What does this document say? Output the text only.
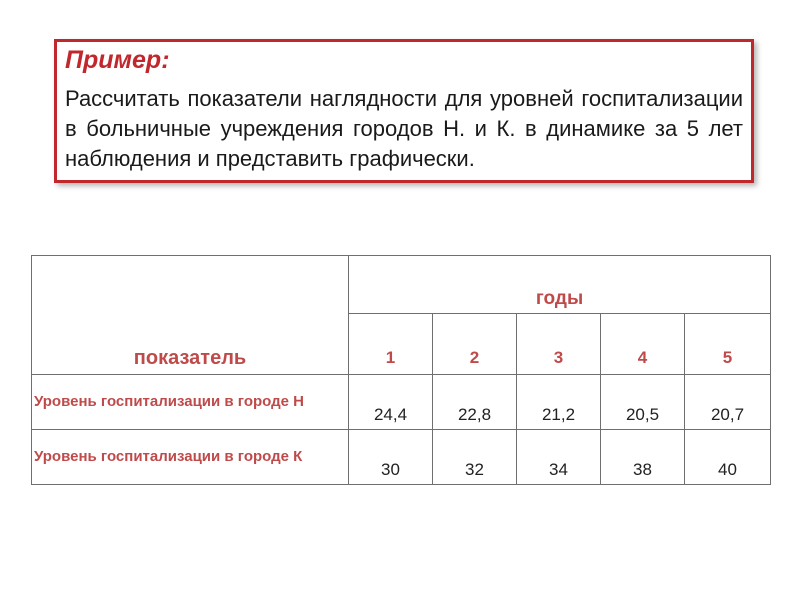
Пример:
Рассчитать показатели наглядности для уровней госпитализации в больничные учреждения городов Н. и К. в динамике за 5 лет наблюдения и представить графически.
показатель	годы				
	1	2	3	4	5
Уровень госпитализации в городе Н	24,4	22,8	21,2	20,5	20,7
Уровень госпитализации в городе К	30	32	34	38	40
